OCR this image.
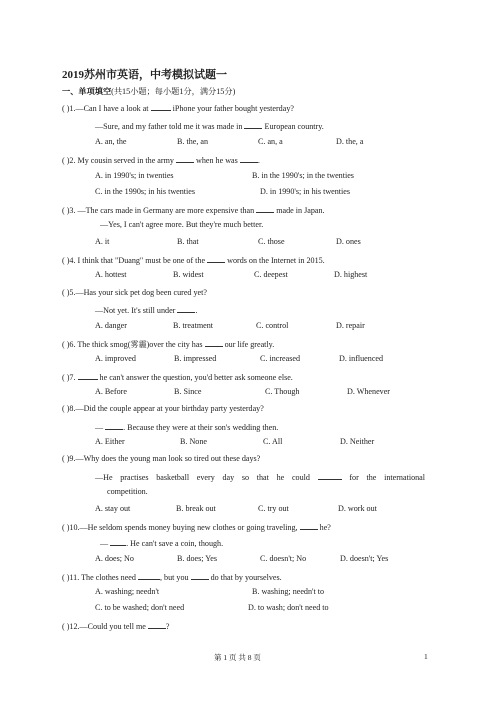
2019苏州市英语，中考模拟试题一
一、单项填空(共15小题；每小题1分，满分15分)
( )1.—Can I have a look at	iPhone your father bought yesterday?
—Sure, and my father told me it was made in	European country.
A. an, the	B. the, an	C. an, a	D. the, a
( )2. My cousin served in the army	when he was .
A. in 1990's; in twenties	B. in the 1990's; in the twenties
C. in the 1990s; in his twenties	D. in 1990's; in his twenties
( )3. —The cars made in Germany are more expensive than	made in Japan.
—Yes, I can't agree more. But they're much better.
A. it	B. that	C. those	D. ones
( )4. I think that "Duang" must be one of the	words on the Internet in 2015.
A. hottest	B. widest	C. deepest	D. highest
( )5.—Has your sick pet dog been cured yet?
—Not yet. It's still under .
A. danger	B. treatment	C. control	D. repair
( )6. The thick smog(雾霾)over the city has	our life greatly.
A. improved	B. impressed	C. increased	D. influenced
( )7.	he can't answer the question, you'd better ask someone else.
A. Before	B. Since	C. Though	D. Whenever
( )8.—Did the couple appear at your birthday party yesterday?
— . Because they were at their son's wedding then.
A. Either	B. None	C. All	D. Neither
( )9.—Why does the young man look so tired out these days?
—He practises basketball every day so that he could	for the international
competition.
A. stay out	B. break out	C. try out	D. work out
( )10.—He seldom spends money buying new clothes or going traveling,	he?
— . He can't save a coin, though.
A. does; No	B. does; Yes	C. doesn't; No	D. doesn't; Yes
( )11. The clothes need	, but you	do that by yourselves.
A. washing; needn't	B. washing; needn't to
C. to be washed; don't need	D. to wash; don't need to
( )12.—Could you tell me ?
第 1 页 共 8 页	1
